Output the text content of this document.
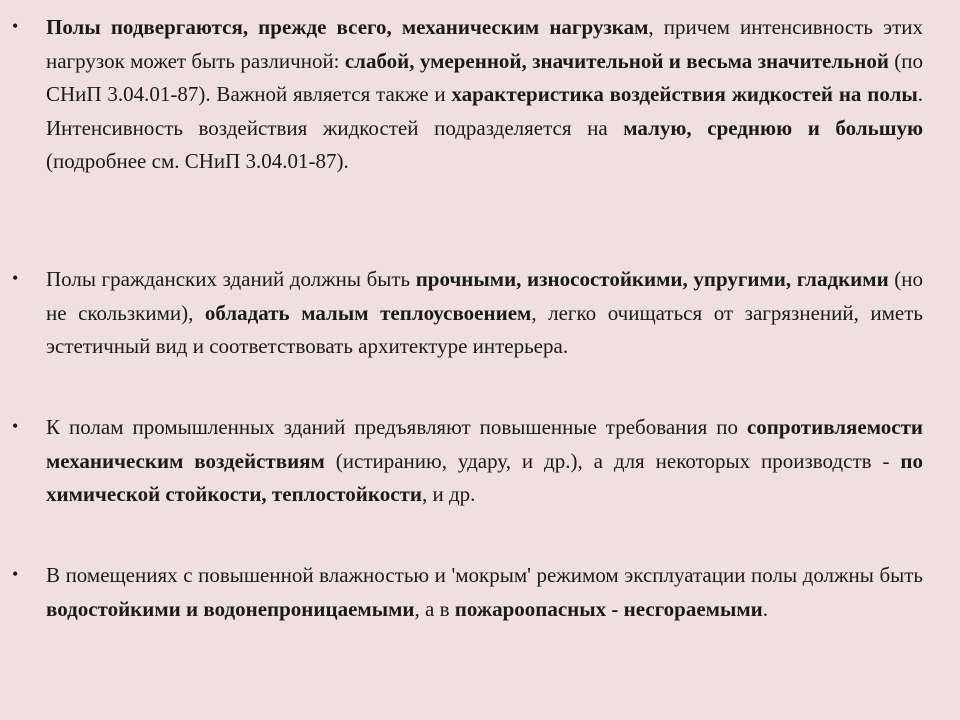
• Полы подвергаются, прежде всего, механическим нагрузкам, причем интенсивность этих нагрузок может быть различной: слабой, умеренной, значительной и весьма значительной (по СНиП 3.04.01-87). Важной является также и характеристика воздействия жидкостей на полы. Интенсивность воздействия жидкостей подразделяется на малую, среднюю и большую (подробнее см. СНиП 3.04.01-87).
• Полы гражданских зданий должны быть прочными, износостойкими, упругими, гладкими (но не скользкими), обладать малым теплоусвоением, легко очищаться от загрязнений, иметь эстетичный вид и соответствовать архитектуре интерьера.
• К полам промышленных зданий предъявляют повышенные требования по сопротивляемости механическим воздействиям (истиранию, удару, и др.), а для некоторых производств - по химической стойкости, теплостойкости, и др.
• В помещениях с повышенной влажностью и 'мокрым' режимом эксплуатации полы должны быть водостойкими и водонепроницаемыми, а в пожароопасных - несгораемыми.
